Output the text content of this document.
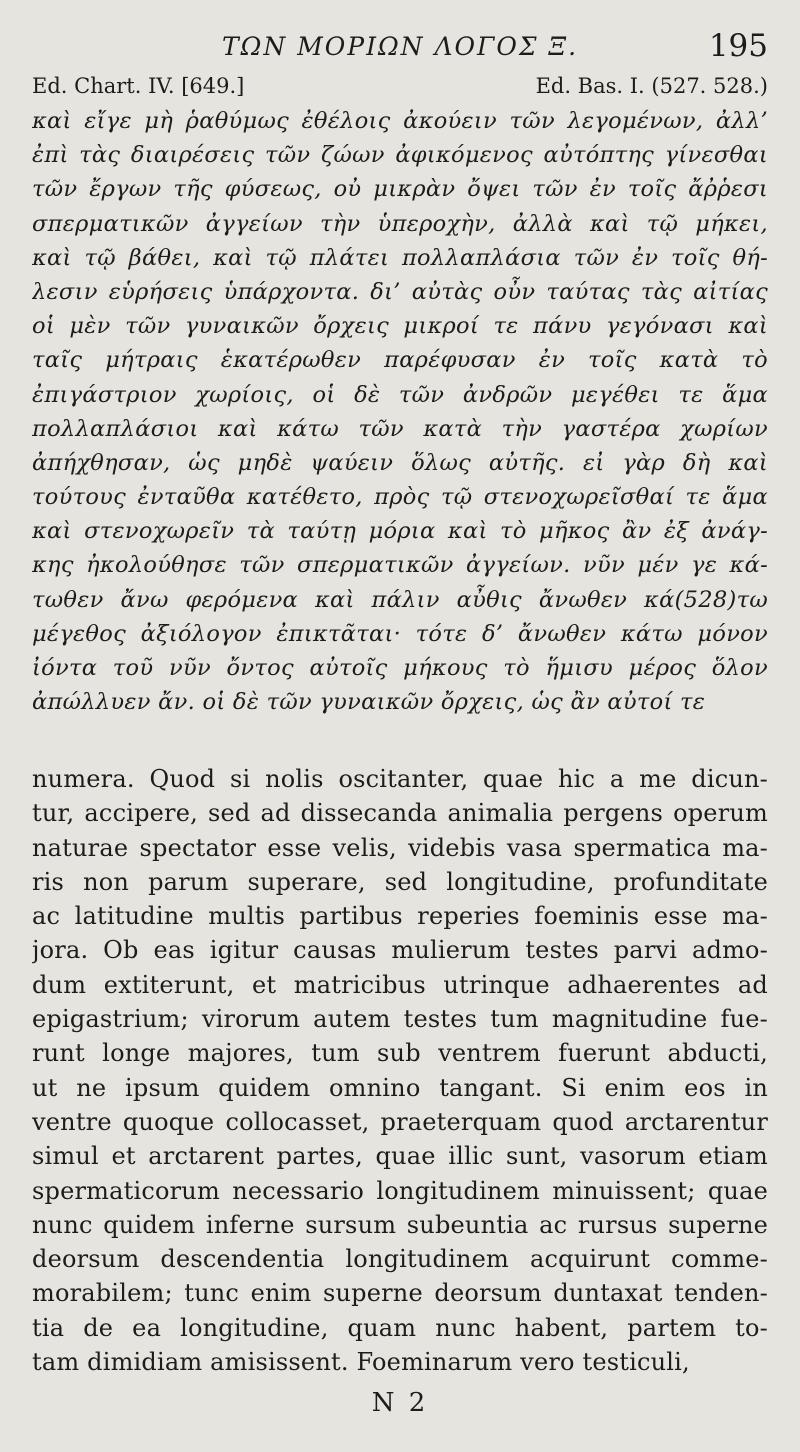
ΤΩΝ ΜΟΡΙΩΝ ΛΟΓΟΣ Ξ.	195
Ed. Chart. IV. [649.]	Ed. Bas. I. (527. 528.)
καὶ εἴγε μὴ ῥαθύμως ἐθέλοις ἀκούειν τῶν λεγομένων, ἀλλ’
ἐπὶ τὰς διαιρέσεις τῶν ζώων ἀφικόμενος αὐτόπτης γίνεσθαι
τῶν ἔργων τῆς φύσεως, οὐ μικρὰν ὄψει τῶν ἐν τοῖς ἄῤῥεσι
σπερματικῶν ἀγγείων τὴν ὑπεροχὴν, ἀλλὰ καὶ τῷ μήκει,
καὶ τῷ βάθει, καὶ τῷ πλάτει πολλαπλάσια τῶν ἐν τοῖς θή-
λεσιν εὑρήσεις ὑπάρχοντα. δι’ αὐτὰς οὖν ταύτας τὰς αἰτίας
οἱ μὲν τῶν γυναικῶν ὄρχεις μικροί τε πάνυ γεγόνασι καὶ
ταῖς μήτραις ἑκατέρωθεν παρέφυσαν ἐν τοῖς κατὰ τὸ
ἐπιγάστριον χωρίοις, οἱ δὲ τῶν ἀνδρῶν μεγέθει τε ἅμα
πολλαπλάσιοι καὶ κάτω τῶν κατὰ τὴν γαστέρα χωρίων
ἀπήχθησαν, ὡς μηδὲ ψαύειν ὅλως αὐτῆς. εἰ γὰρ δὴ καὶ
τούτους ἐνταῦθα κατέθετο, πρὸς τῷ στενοχωρεῖσθαί τε ἅμα
καὶ στενοχωρεῖν τὰ ταύτῃ μόρια καὶ τὸ μῆκος ἂν ἐξ ἀνάγ-
κης ἠκολούθησε τῶν σπερματικῶν ἀγγείων. νῦν μέν γε κά-
τωθεν ἄνω φερόμενα καὶ πάλιν αὖθις ἄνωθεν κά(528)τω
μέγεθος ἀξιόλογον ἐπικτᾶται· τότε δ’ ἄνωθεν κάτω μόνον
ἰόντα τοῦ νῦν ὄντος αὐτοῖς μήκους τὸ ἥμισυ μέρος ὅλον
ἀπώλλυεν ἄν. οἱ δὲ τῶν γυναικῶν ὄρχεις, ὡς ἂν αὐτοί τε
numera. Quod si nolis oscitanter, quae hic a me dicun-
tur, accipere, sed ad dissecanda animalia pergens operum
naturae spectator esse velis, videbis vasa spermatica ma-
ris non parum superare, sed longitudine, profunditate
ac latitudine multis partibus reperies foeminis esse ma-
jora. Ob eas igitur causas mulierum testes parvi admo-
dum extiterunt, et matricibus utrinque adhaerentes ad
epigastrium; virorum autem testes tum magnitudine fue-
runt longe majores, tum sub ventrem fuerunt abducti,
ut ne ipsum quidem omnino tangant. Si enim eos in
ventre quoque collocasset, praeterquam quod arctarentur
simul et arctarent partes, quae illic sunt, vasorum etiam
spermaticorum necessario longitudinem minuissent; quae
nunc quidem inferne sursum subeuntia ac rursus superne
deorsum descendentia longitudinem acquirunt comme-
morabilem; tunc enim superne deorsum duntaxat tenden-
tia de ea longitudine, quam nunc habent, partem to-
tam dimidiam amisissent. Foeminarum vero testiculi,
N 2
